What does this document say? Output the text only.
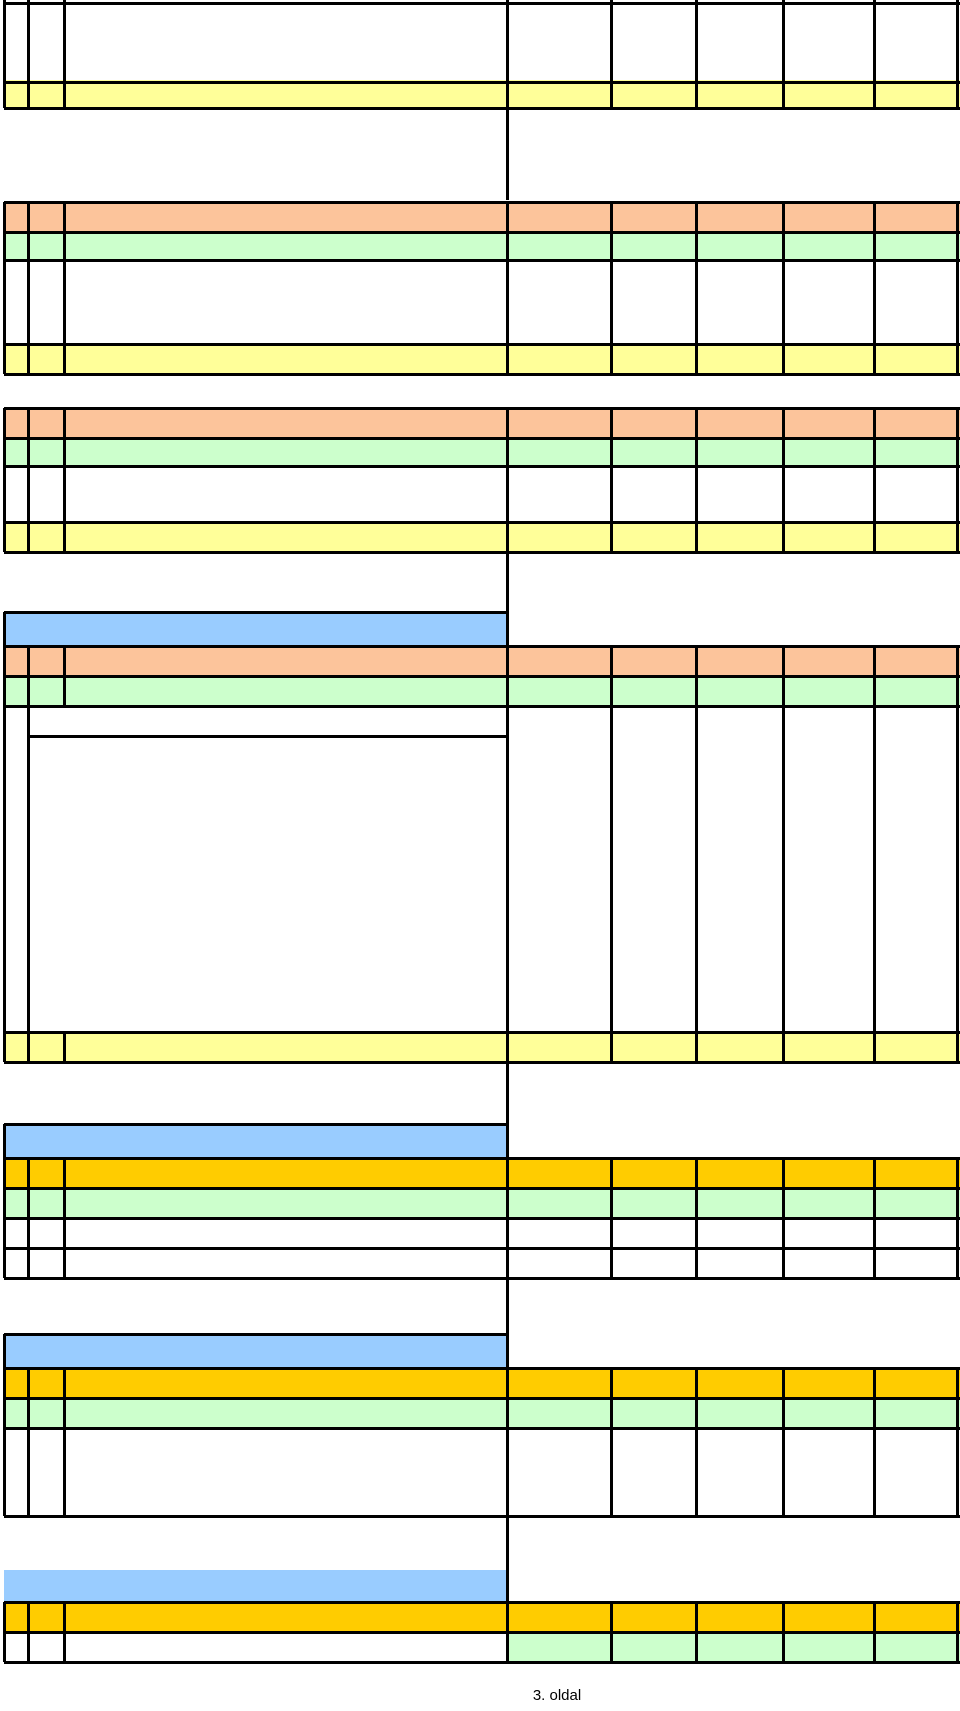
3. oldal
